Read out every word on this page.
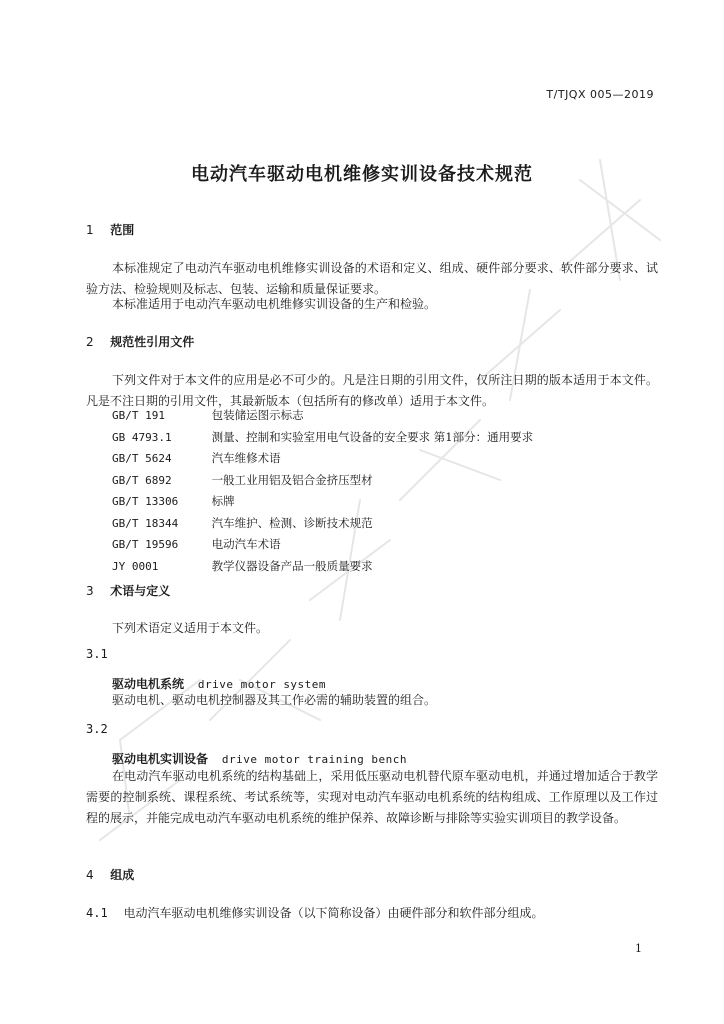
T/TJQX 005—2019
电动汽车驱动电机维修实训设备技术规范
1 范围
本标准规定了电动汽车驱动电机维修实训设备的术语和定义、组成、硬件部分要求、软件部分要求、试验方法、检验规则及标志、包装、运输和质量保证要求。
本标准适用于电动汽车驱动电机维修实训设备的生产和检验。
2 规范性引用文件
下列文件对于本文件的应用是必不可少的。凡是注日期的引用文件，仅所注日期的版本适用于本文件。凡是不注日期的引用文件，其最新版本（包括所有的修改单）适用于本文件。
GB/T 191	包装储运图示标志
GB 4793.1	测量、控制和实验室用电气设备的安全要求 第1部分：通用要求
GB/T 5624	汽车维修术语
GB/T 6892	一般工业用铝及铝合金挤压型材
GB/T 13306	标牌
GB/T 18344	汽车维护、检测、诊断技术规范
GB/T 19596	电动汽车术语
JY 0001	教学仪器设备产品一般质量要求
3 术语与定义
下列术语定义适用于本文件。
3.1
驱动电机系统 drive motor system
驱动电机、驱动电机控制器及其工作必需的辅助装置的组合。
3.2
驱动电机实训设备 drive motor training bench
在电动汽车驱动电机系统的结构基础上，采用低压驱动电机替代原车驱动电机，并通过增加适合于教学需要的控制系统、课程系统、考试系统等，实现对电动汽车驱动电机系统的结构组成、工作原理以及工作过程的展示，并能完成电动汽车驱动电机系统的维护保养、故障诊断与排除等实验实训项目的教学设备。
4 组成
4.1 电动汽车驱动电机维修实训设备（以下简称设备）由硬件部分和软件部分组成。
1
